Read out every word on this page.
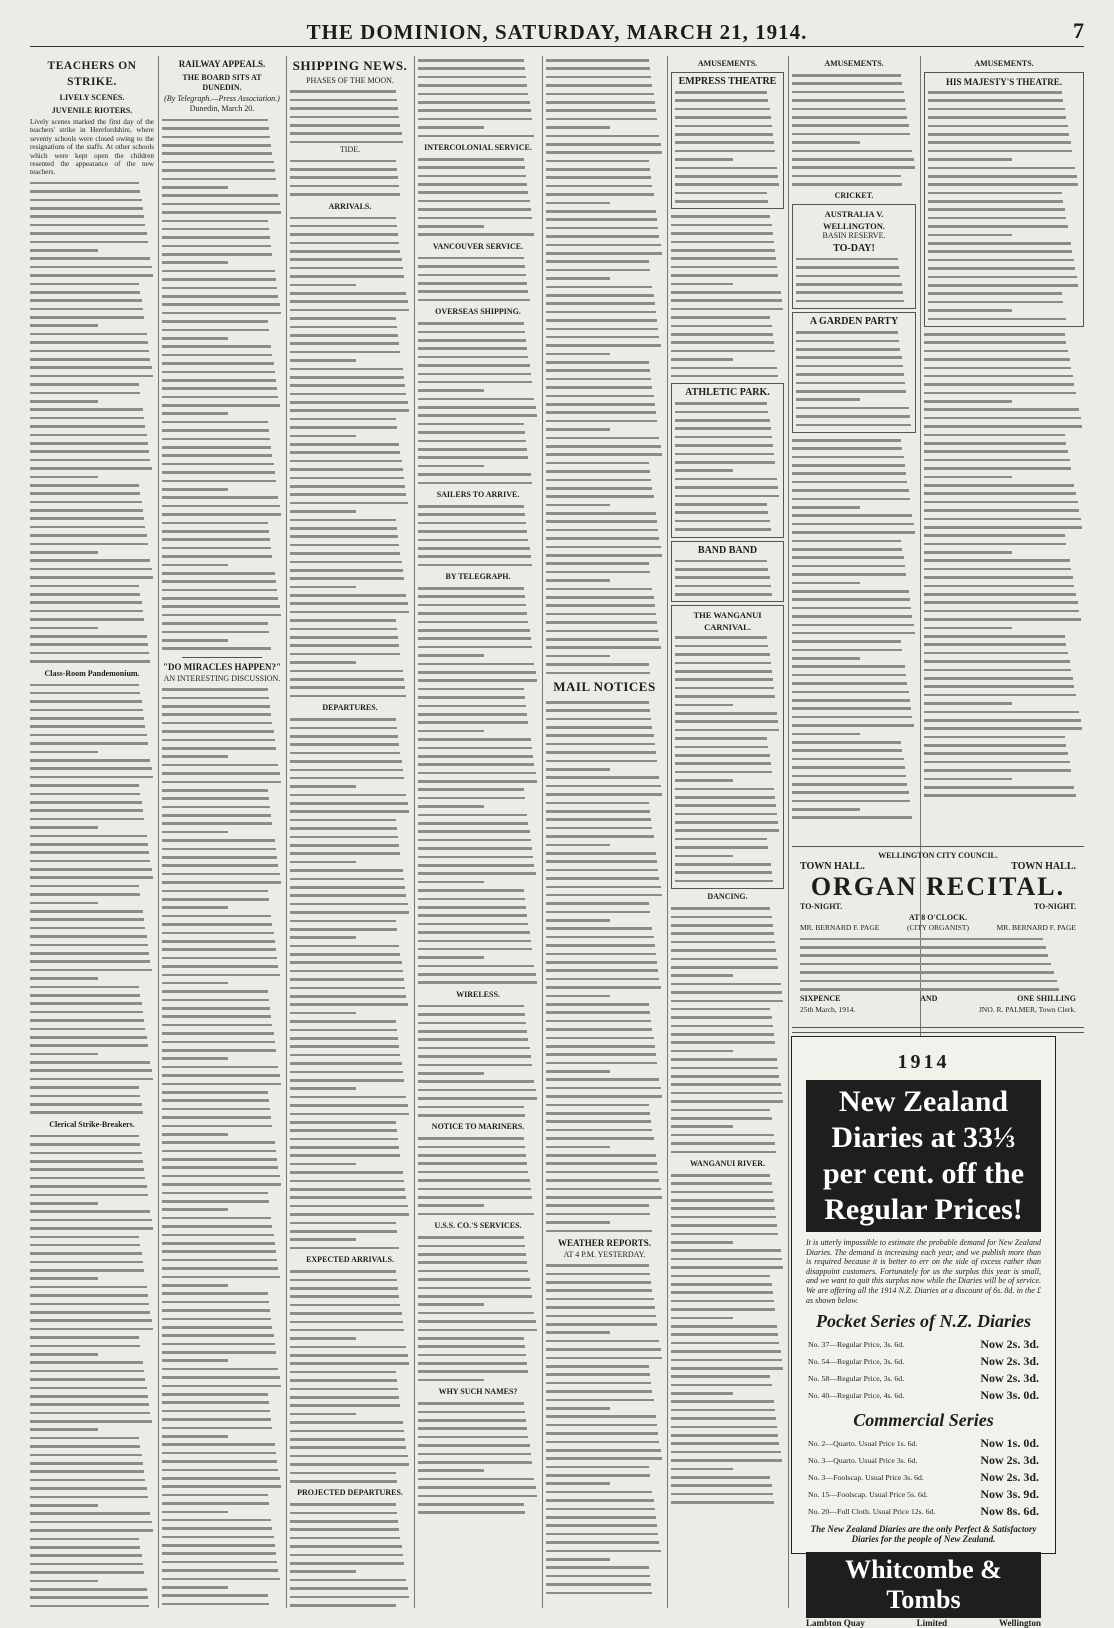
THE DOMINION, SATURDAY, MARCH 21, 1914.	7
TEACHERS ON STRIKE.
LIVELY SCENES.
JUVENILE RIOTERS.

Lively scenes marked the first day of the teachers' strike in Herefordshire, where seventy schools were closed owing to the resignations of the staffs. At other schools which were kept open the children resented the appearance of the new teachers.

Class-Room Pandemonium.
Clerical Strike-Breakers.
RAILWAY APPEALS.
THE BOARD SITS AT DUNEDIN.
(By Telegraph.—Press Association.)
Dunedin, March 20.
"DO MIRACLES HAPPEN?"
AN INTERESTING DISCUSSION.
SHIPPING NEWS.
PHASES OF THE MOON.
TIDE.
ARRIVALS.
DEPARTURES.
EXPECTED ARRIVALS.
PROJECTED DEPARTURES.
INTERCOLONIAL SERVICE.
VANCOUVER SERVICE.
OVERSEAS SHIPPING.
SAILERS TO ARRIVE.
BY TELEGRAPH.
WIRELESS.
NOTICE TO MARINERS.
U.S.S. CO.'S SERVICES.
WHY SUCH NAMES?
MAIL NOTICES
WEATHER REPORTS.
AT 4 P.M. YESTERDAY.
AMUSEMENTS.
EMPRESS THEATRE
ATHLETIC PARK.
BAND BAND
THE WANGANUI CARNIVAL.
DANCING.
WANGANUI RIVER.
AMUSEMENTS.
CRICKET.
AUSTRALIA V. WELLINGTON.
BASIN RESERVE.
TO-DAY!
A GARDEN PARTY
AMUSEMENTS.
HIS MAJESTY'S THEATRE.
WELLINGTON CITY COUNCIL.
TOWN HALL.	TOWN HALL.
ORGAN RECITAL.
TO-NIGHT.	TO-NIGHT.
AT 8 O'CLOCK.
MR. BERNARD F. PAGE	(CITY ORGANIST)	MR. BERNARD F. PAGE
SIXPENCE	AND	ONE SHILLING
25th March, 1914.	JNO. R. PALMER, Town Clerk.
1914
New Zealand Diaries at 33⅓ per cent. off the Regular Prices!
It is utterly impossible to estimate the probable demand for New Zealand Diaries. The demand is increasing each year, and we publish more than is required because it is better to err on the side of excess rather than disappoint customers. Fortunately for us the surplus this year is small, and we want to quit this surplus now while the Diaries will be of service. We are offering all the 1914 N.Z. Diaries at a discount of 6s. 8d. in the £ as shown below.
Pocket Series of N.Z. Diaries
No. 37—Regular Price, 3s. 6d.	Now 2s. 3d.
No. 54—Regular Price, 3s. 6d.	Now 2s. 3d.
No. 58—Regular Price, 3s. 6d.	Now 2s. 3d.
No. 40—Regular Price, 4s. 6d.	Now 3s. 0d.
Commercial Series
No. 2—Quarto. Usual Price 1s. 6d.	Now 1s. 0d.
No. 3—Quarto. Usual Price 3s. 6d.	Now 2s. 3d.
No. 3—Foolscap. Usual Price 3s. 6d.	Now 2s. 3d.
No. 15—Foolscap. Usual Price 5s. 6d.	Now 3s. 9d.
No. 20—Full Cloth. Usual Price 12s. 6d.	Now 8s. 6d.
The New Zealand Diaries are the only Perfect & Satisfactory Diaries for the people of New Zealand.
Whitcombe & Tombs
Lambton Quay	Limited	Wellington
